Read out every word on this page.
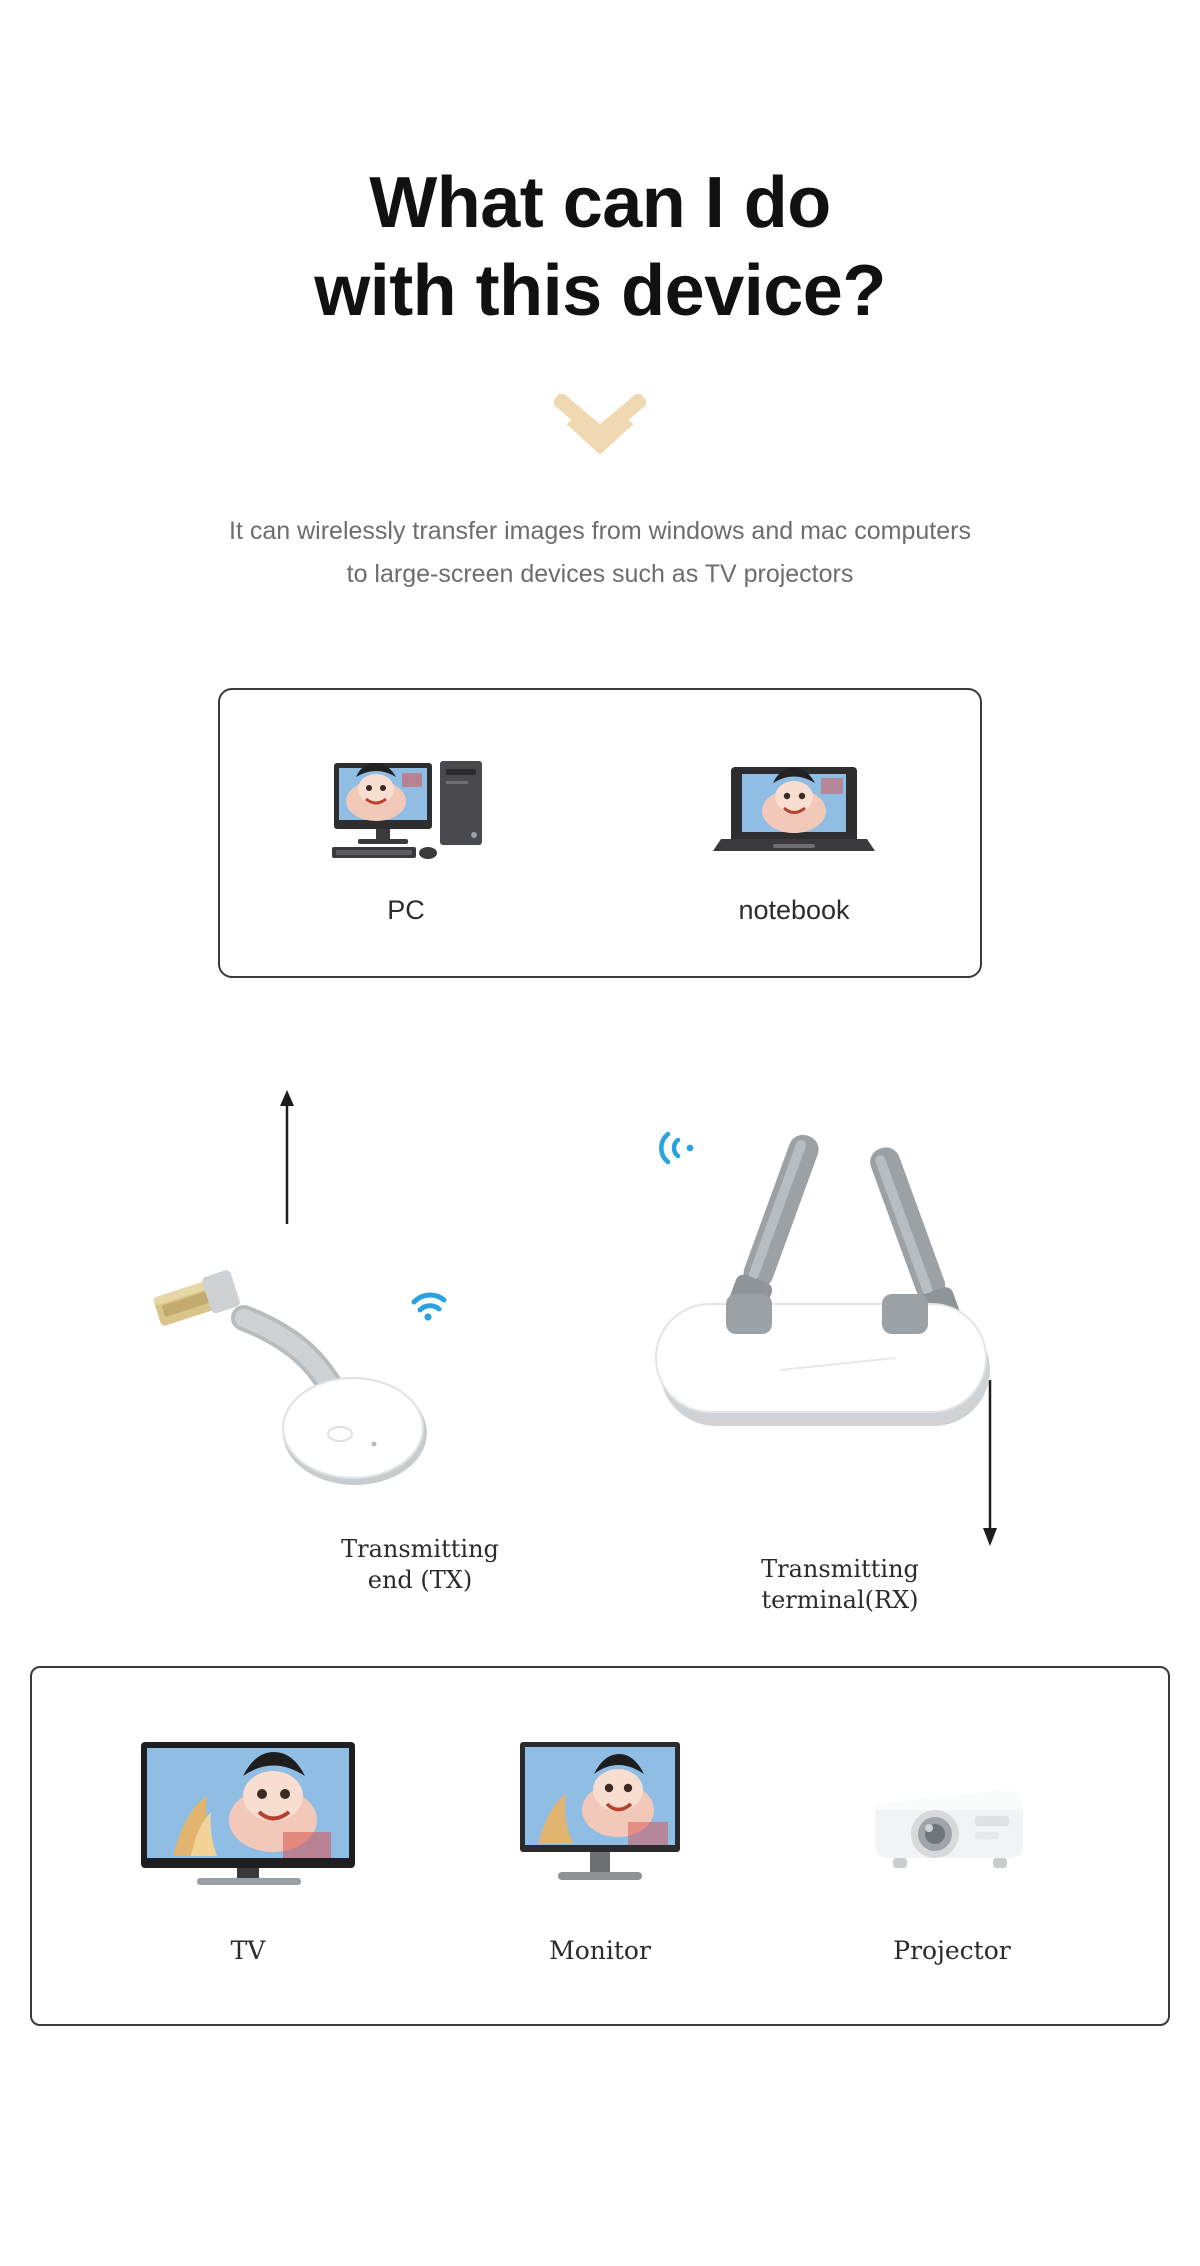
What can I do
with this device?
It can wirelessly transfer images from windows and mac computers
to large-screen devices such as TV projectors
PC	notebook
Transmitting
end (TX)	Transmitting
terminal(RX)
TV	Monitor	Projector
